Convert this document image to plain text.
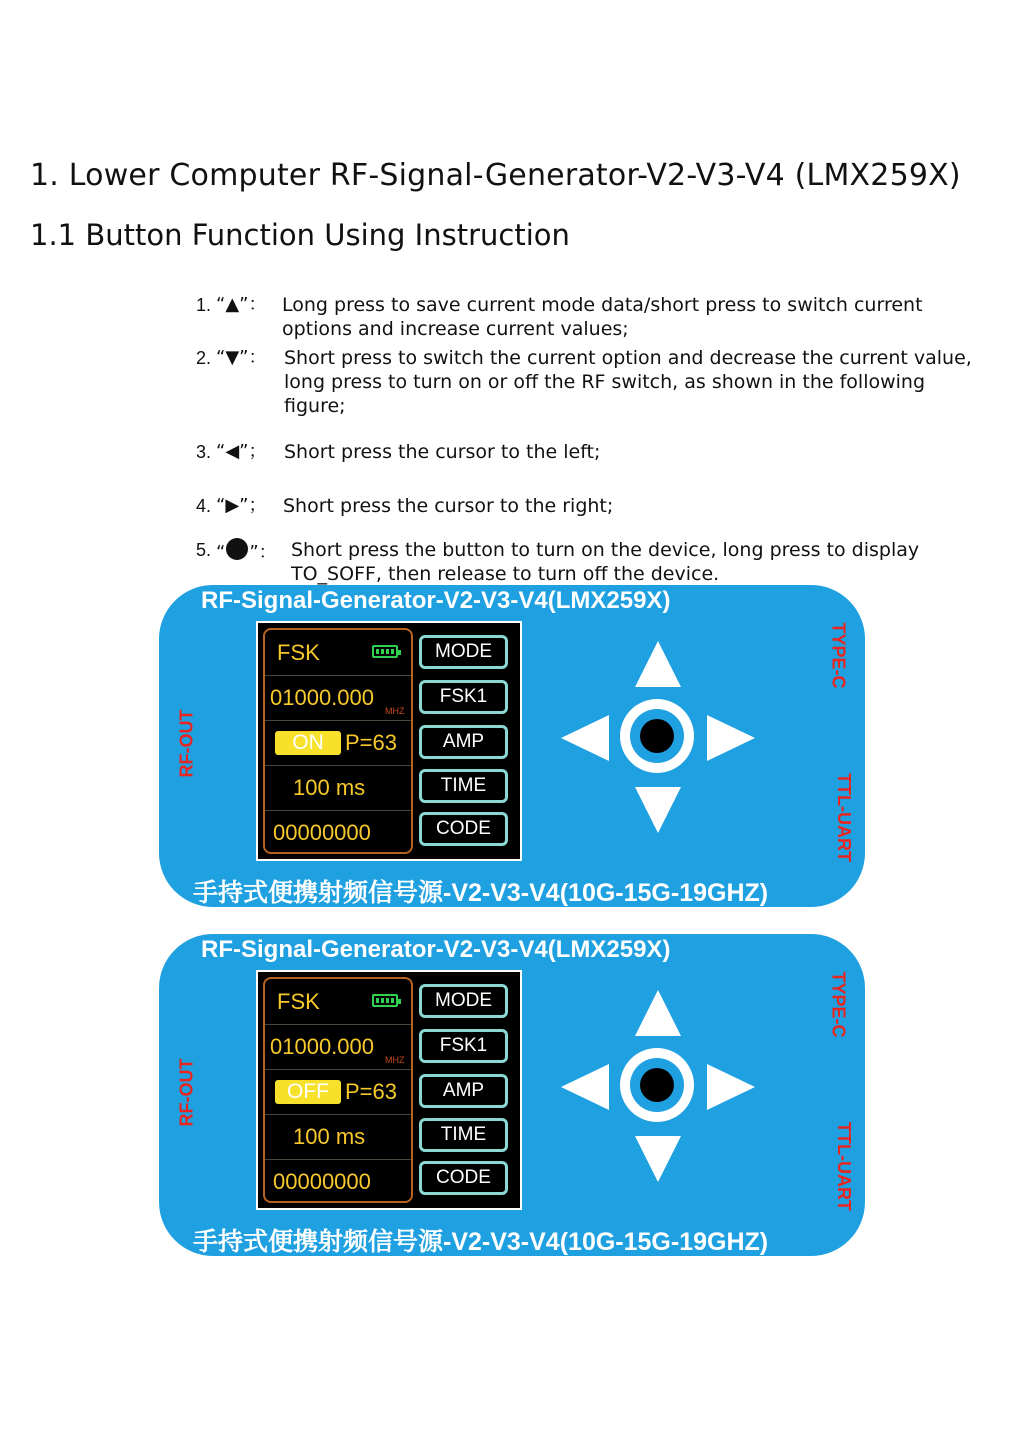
1. Lower Computer RF-Signal-Generator-V2-V3-V4 (LMX259X)
1.1 Button Function Using Instruction
1. “▲”： Long press to save current mode data/short press to switch current options and increase current values;
2. “▼”： Short press to switch the current option and decrease the current value, long press to turn on or off the RF switch, as shown in the following figure;
3. “◀”； Short press the cursor to the left;
4. “▶”； Short press the cursor to the right;
5. “ ”： Short press the button to turn on the device, long press to display TO_SOFF, then release to turn off the device.
RF-Signal-Generator-V2-V3-V4(LMX259X)
RF-OUT
TYPE-C
TTL-UART
FSK
01000.000
MHZ
ON P=63
100 ms
00000000
MODE
FSK1
AMP
TIME
CODE
手持式便携射频信号源-V2-V3-V4(10G-15G-19GHZ)
RF-Signal-Generator-V2-V3-V4(LMX259X)
RF-OUT
TYPE-C
TTL-UART
FSK
01000.000
MHZ
OFF P=63
100 ms
00000000
MODE
FSK1
AMP
TIME
CODE
手持式便携射频信号源-V2-V3-V4(10G-15G-19GHZ)
